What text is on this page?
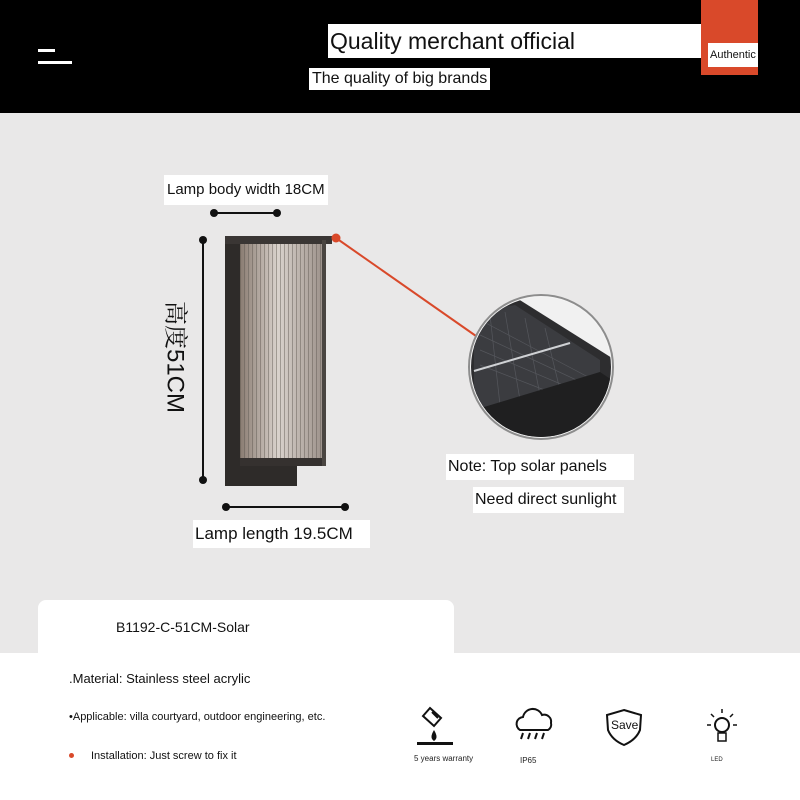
Quality merchant official
The quality of big brands
Authentic
Lamp body width 18CM
高度51CM
Lamp length 19.5CM
Note: Top solar panels
Need direct sunlight
B1192-C-51CM-Solar
.Material: Stainless steel acrylic
•Applicable: villa courtyard, outdoor engineering, etc.
Installation: Just screw to fix it	5 years warranty	IP65
Save
LED
